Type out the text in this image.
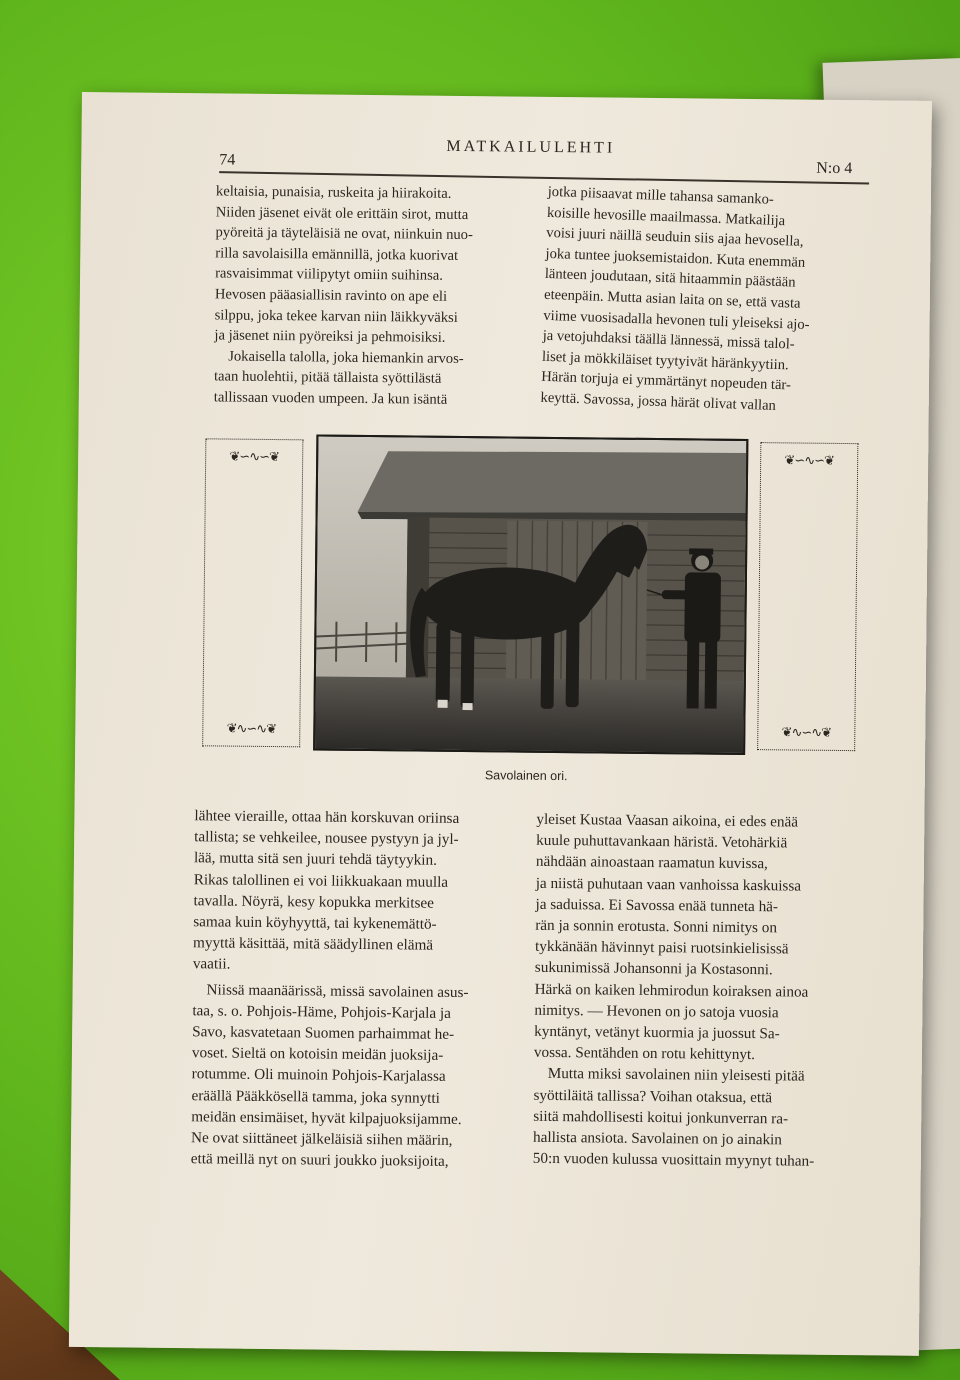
74
MATKAILULEHTI
N:o 4

keltaisia, punaisia, ruskeita ja hiirakoita.
Niiden jäsenet eivät ole erittäin sirot, mutta
pyöreitä ja täyteläisiä ne ovat, niinkuin nuo-
rilla savolaisilla emännillä, jotka kuorivat
rasvaisimmat viilipytyt omiin suihinsa.
Hevosen pääasiallisin ravinto on ape eli
silppu, joka tekee karvan niin läikkyväksi
ja jäsenet niin pyöreiksi ja pehmoisiksi.

Jokaisella talolla, joka hiemankin arvos-
taan huolehtii, pitää tällaista syöttilästä
tallissaan vuoden umpeen. Ja kun isäntä

jotka piisaavat mille tahansa samanko-
koisille hevosille maailmassa. Matkailija
voisi juuri näillä seuduin siis ajaa hevosella,
joka tuntee juoksemistaidon. Kuta enemmän
länteen joudutaan, sitä hitaammin päästään
eteenpäin. Mutta asian laita on se, että vasta
viime vuosisadalla hevonen tuli yleiseksi ajo-
ja vetojuhdaksi täällä lännessä, missä talol-
liset ja mökkiläiset tyytyivät häränkyytiin.
Härän torjuja ei ymmärtänyt nopeuden tär-
keyttä. Savossa, jossa härät olivat vallan

❦∽∿∽❦
❦∿∽∿❦
❦∽∿∽❦
❦∿∽∿❦
Savolainen ori.

lähtee vieraille, ottaa hän korskuvan oriinsa
tallista; se vehkeilee, nousee pystyyn ja jyl-
lää, mutta sitä sen juuri tehdä täytyykin.
Rikas talollinen ei voi liikkuakaan muulla
tavalla. Nöyrä, kesy kopukka merkitsee
samaa kuin köyhyyttä, tai kykenemättö-
myyttä käsittää, mitä säädyllinen elämä
vaatii.

Niissä maanäärissä, missä savolainen asus-
taa, s. o. Pohjois-Häme, Pohjois-Karjala ja
Savo, kasvatetaan Suomen parhaimmat he-
voset. Sieltä on kotoisin meidän juoksija-
rotumme. Oli muinoin Pohjois-Karjalassa
eräällä Pääkkösellä tamma, joka synnytti
meidän ensimäiset, hyvät kilpajuoksijamme.
Ne ovat siittäneet jälkeläisiä siihen määrin,
että meillä nyt on suuri joukko juoksijoita,

yleiset Kustaa Vaasan aikoina, ei edes enää
kuule puhuttavankaan häristä. Vetohärkiä
nähdään ainoastaan raamatun kuvissa,
ja niistä puhutaan vaan vanhoissa kaskuissa
ja saduissa. Ei Savossa enää tunneta hä-
rän ja sonnin erotusta. Sonni nimitys on
tykkänään hävinnyt paisi ruotsinkielisissä
sukunimissä Johansonni ja Kostasonni.
Härkä on kaiken lehmirodun koiraksen ainoa
nimitys. — Hevonen on jo satoja vuosia
kyntänyt, vetänyt kuormia ja juossut Sa-
vossa. Sentähden on rotu kehittynyt.

Mutta miksi savolainen niin yleisesti pitää
syöttiläitä tallissa? Voihan otaksua, että
siitä mahdollisesti koitui jonkunverran ra-
hallista ansiota. Savolainen on jo ainakin
50:n vuoden kulussa vuosittain myynyt tuhan-
